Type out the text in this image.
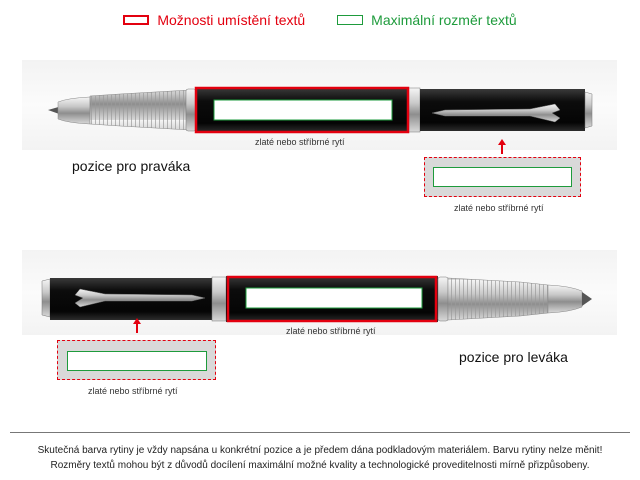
Možnosti umístění textů	Maximální rozměr textů
zlaté nebo stříbrné rytí
pozice pro praváka
zlaté nebo stříbrné rytí
zlaté nebo stříbrné rytí
zlaté nebo stříbrné rytí
pozice pro leváka
Skutečná barva rytiny je vždy napsána u konkrétní pozice a je předem dána podkladovým materiálem. Barvu rytiny nelze měnit!
Rozměry textů mohou být z důvodů docílení maximální možné kvality a technologické proveditelnosti mírně přizpůsobeny.
